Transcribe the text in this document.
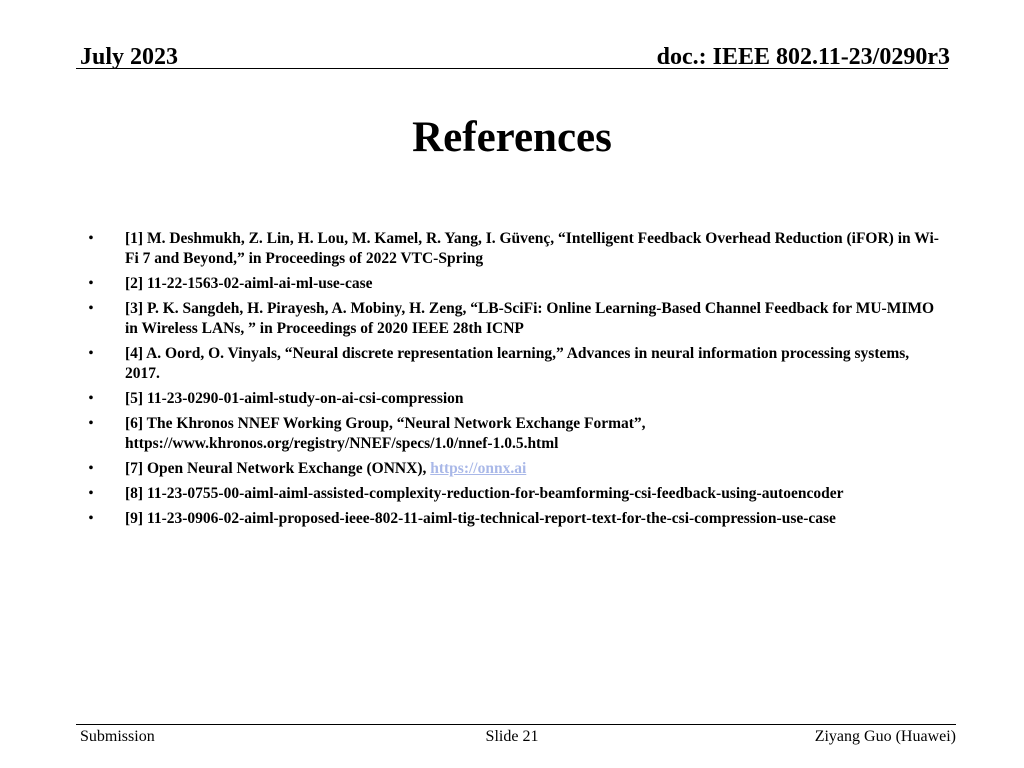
July 2023	doc.: IEEE 802.11-23/0290r3
References
• [1] M. Deshmukh, Z. Lin, H. Lou, M. Kamel, R. Yang, I. Güvenç, “Intelligent Feedback Overhead Reduction (iFOR) in Wi-Fi 7 and Beyond,” in Proceedings of 2022 VTC-Spring
• [2] 11-22-1563-02-aiml-ai-ml-use-case
• [3] P. K. Sangdeh, H. Pirayesh, A. Mobiny, H. Zeng, “LB-SciFi: Online Learning-Based Channel Feedback for MU-MIMO in Wireless LANs, ” in Proceedings of 2020 IEEE 28th ICNP
• [4] A. Oord, O. Vinyals, “Neural discrete representation learning,” Advances in neural information processing systems, 2017.
• [5] 11-23-0290-01-aiml-study-on-ai-csi-compression
• [6] The Khronos NNEF Working Group, “Neural Network Exchange Format”, https://www.khronos.org/registry/NNEF/specs/1.0/nnef-1.0.5.html
• [7] Open Neural Network Exchange (ONNX), https://onnx.ai
• [8] 11-23-0755-00-aiml-aiml-assisted-complexity-reduction-for-beamforming-csi-feedback-using-autoencoder
• [9] 11-23-0906-02-aiml-proposed-ieee-802-11-aiml-tig-technical-report-text-for-the-csi-compression-use-case
Submission	Slide 21	Ziyang Guo (Huawei)
